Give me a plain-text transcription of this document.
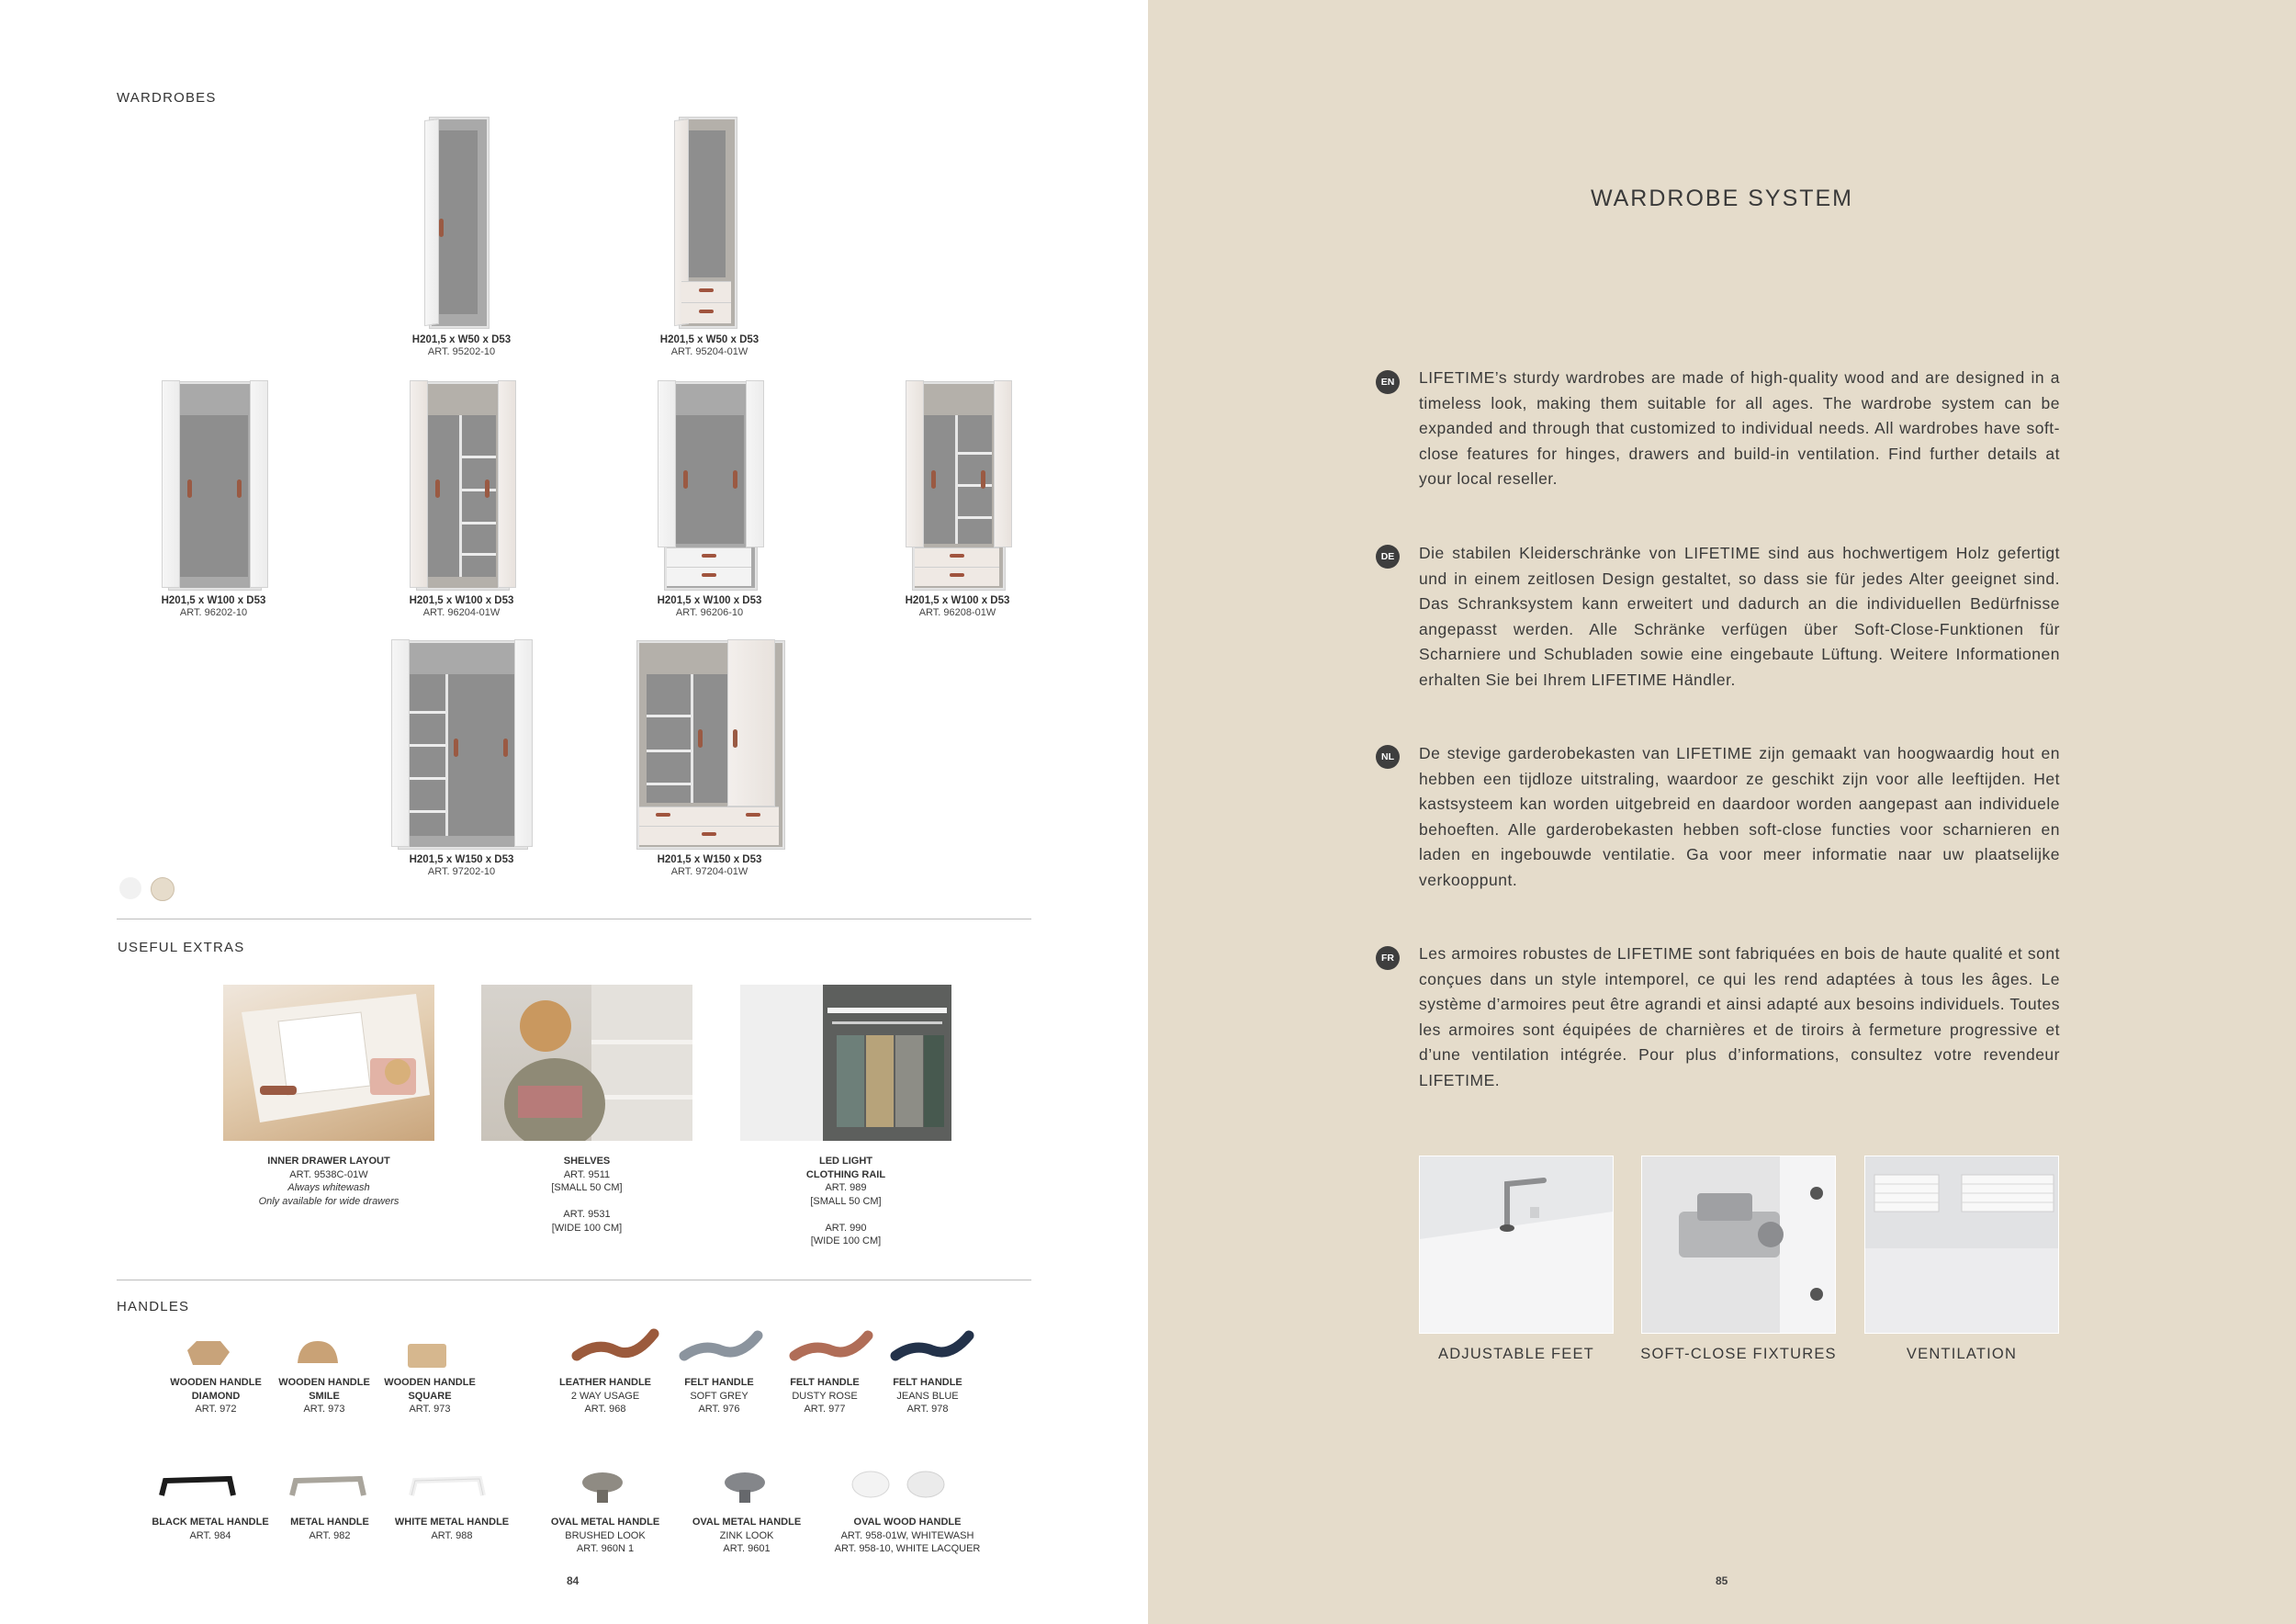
WARDROBES
H201,5 x W50 x D53
ART. 95202-10
H201,5 x W50 x D53
ART. 95204-01W
H201,5 x W100 x D53
ART. 96202-10
H201,5 x W100 x D53
ART. 96204-01W
H201,5 x W100 x D53
ART. 96206-10
H201,5 x W100 x D53
ART. 96208-01W
H201,5 x W150 x D53
ART. 97202-10
H201,5 x W150 x D53
ART. 97204-01W
USEFUL EXTRAS
INNER DRAWER LAYOUT
ART. 9538C-01W
Always whitewash
Only available for wide drawers
SHELVES
ART. 9511
[SMALL 50 CM]
ART. 9531
[WIDE 100 CM]
LED LIGHT
CLOTHING RAIL
ART. 989
[SMALL 50 CM]
ART. 990
[WIDE 100 CM]
HANDLES
WOODEN HANDLE
DIAMOND
ART. 972
WOODEN HANDLE
SMILE
ART. 973
WOODEN HANDLE
SQUARE
ART. 973
LEATHER HANDLE
2 WAY USAGE
ART. 968
FELT HANDLE
SOFT GREY
ART. 976
FELT HANDLE
DUSTY ROSE
ART. 977
FELT HANDLE
JEANS BLUE
ART. 978
BLACK METAL HANDLE
ART. 984
METAL HANDLE
ART. 982
WHITE METAL HANDLE
ART. 988
OVAL METAL HANDLE
BRUSHED LOOK
ART. 960N 1
OVAL METAL HANDLE
ZINK LOOK
ART. 9601
OVAL WOOD HANDLE
ART. 958-01W, WHITEWASH
ART. 958-10, WHITE LACQUER
84
WARDROBE SYSTEM
EN	LIFETIME’s sturdy wardrobes are made of high-quality wood and are designed in a timeless look, making them suitable for all ages. The wardrobe system can be expanded and through that customized to individual needs. All wardrobes have soft-close features for hinges, drawers and build-in ventilation. Find further details at your local reseller.
DE	Die stabilen Kleiderschränke von LIFETIME sind aus hochwertigem Holz gefertigt und in einem zeitlosen Design gestaltet, so dass sie für jedes Alter geeignet sind. Das Schranksystem kann erweitert und dadurch an die individuellen Bedürfnisse angepasst werden. Alle Schränke verfügen über Soft-Close-Funktionen für Scharniere und Schubladen sowie eine eingebaute Lüftung. Weitere Informationen erhalten Sie bei Ihrem LIFETIME Händler.
NL	De stevige garderobekasten van LIFETIME zijn gemaakt van hoogwaardig hout en hebben een tijdloze uitstraling, waardoor ze geschikt zijn voor alle leeftijden. Het kastsysteem kan worden uitgebreid en daardoor worden aangepast aan individuele behoeften. Alle garderobekasten hebben soft-close functies voor scharnieren en laden en ingebouwde ventilatie. Ga voor meer informatie naar uw plaatselijke verkooppunt.
FR	Les armoires robustes de LIFETIME sont fabriquées en bois de haute qualité et sont conçues dans un style intemporel, ce qui les rend adaptées à tous les âges. Le système d’armoires peut être agrandi et ainsi adapté aux besoins individuels. Toutes les armoires sont équipées de charnières et de tiroirs à fermeture progressive et d’une ventilation intégrée. Pour plus d’informations, consultez votre revendeur LIFETIME.
ADJUSTABLE FEET	SOFT-CLOSE FIXTURES	VENTILATION
85
